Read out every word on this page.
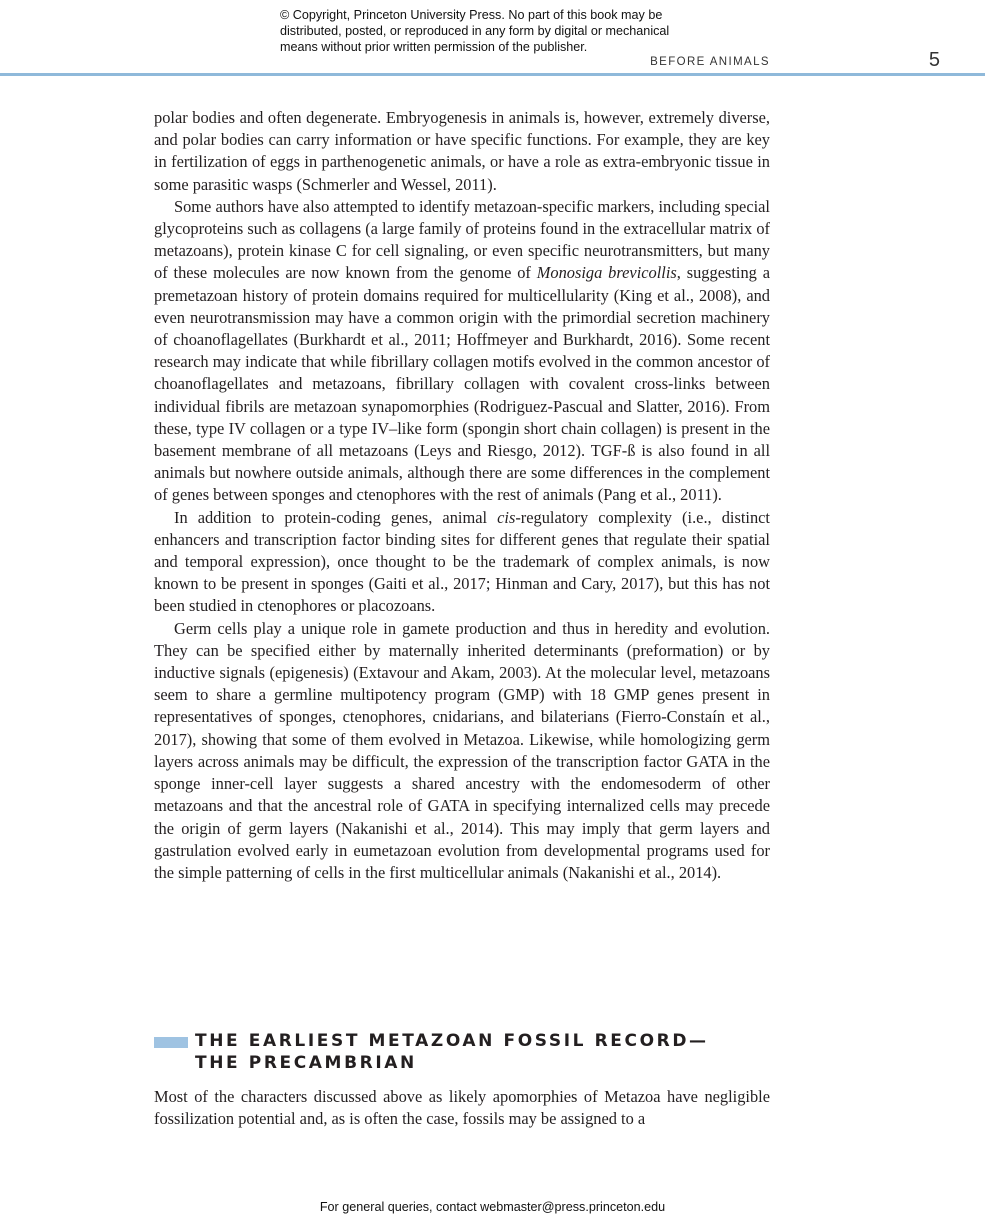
© Copyright, Princeton University Press. No part of this book may be
distributed, posted, or reproduced in any form by digital or mechanical
means without prior written permission of the publisher.
BEFORE ANIMALS	5

polar bodies and often degenerate. Embryogenesis in animals is, however, extremely diverse, and polar bodies can carry information or have specific functions. For example, they are key in fertilization of eggs in parthenogenetic animals, or have a role as extra-embryonic tissue in some parasitic wasps (Schmerler and Wessel, 2011).

Some authors have also attempted to identify metazoan-specific markers, including special glycoproteins such as collagens (a large family of proteins found in the extracellular matrix of metazoans), protein kinase C for cell signaling, or even specific neurotransmitters, but many of these molecules are now known from the genome of Monosiga brevicollis, suggesting a premetazoan history of protein domains required for multicellularity (King et al., 2008), and even neurotransmission may have a common origin with the primordial secretion machinery of choanoflagellates (Burkhardt et al., 2011; Hoffmeyer and Burkhardt, 2016). Some recent research may indicate that while fibrillary collagen motifs evolved in the common ancestor of choanoflagellates and metazoans, fibrillary collagen with covalent cross-links between individual fibrils are metazoan synapomorphies (Rodriguez-Pascual and Slatter, 2016). From these, type IV collagen or a type IV–like form (spongin short chain collagen) is present in the basement membrane of all metazoans (Leys and Riesgo, 2012). TGF-ß is also found in all animals but nowhere outside animals, although there are some differences in the complement of genes between sponges and ctenophores with the rest of animals (Pang et al., 2011).

In addition to protein-coding genes, animal cis-regulatory complexity (i.e., distinct enhancers and transcription factor binding sites for different genes that regulate their spatial and temporal expression), once thought to be the trademark of complex animals, is now known to be present in sponges (Gaiti et al., 2017; Hinman and Cary, 2017), but this has not been studied in ctenophores or placozoans.

Germ cells play a unique role in gamete production and thus in heredity and evolution. They can be specified either by maternally inherited determinants (preformation) or by inductive signals (epigenesis) (Extavour and Akam, 2003). At the molecular level, metazoans seem to share a germline multipotency program (GMP) with 18 GMP genes present in representatives of sponges, ctenophores, cnidarians, and bilaterians (Fierro-Constaín et al., 2017), showing that some of them evolved in Metazoa. Likewise, while homologizing germ layers across animals may be difficult, the expression of the transcription factor GATA in the sponge inner-cell layer suggests a shared ancestry with the endomesoderm of other metazoans and that the ancestral role of GATA in specifying internalized cells may precede the origin of germ layers (Nakanishi et al., 2014). This may imply that germ layers and gastrulation evolved early in eumetazoan evolution from developmental programs used for the simple patterning of cells in the first multicellular animals (Nakanishi et al., 2014).

THE EARLIEST METAZOAN FOSSIL RECORD—
THE PRECAMBRIAN

Most of the characters discussed above as likely apomorphies of Metazoa have negligible fossilization potential and, as is often the case, fossils may be assigned to a

For general queries, contact webmaster@press.princeton.edu
